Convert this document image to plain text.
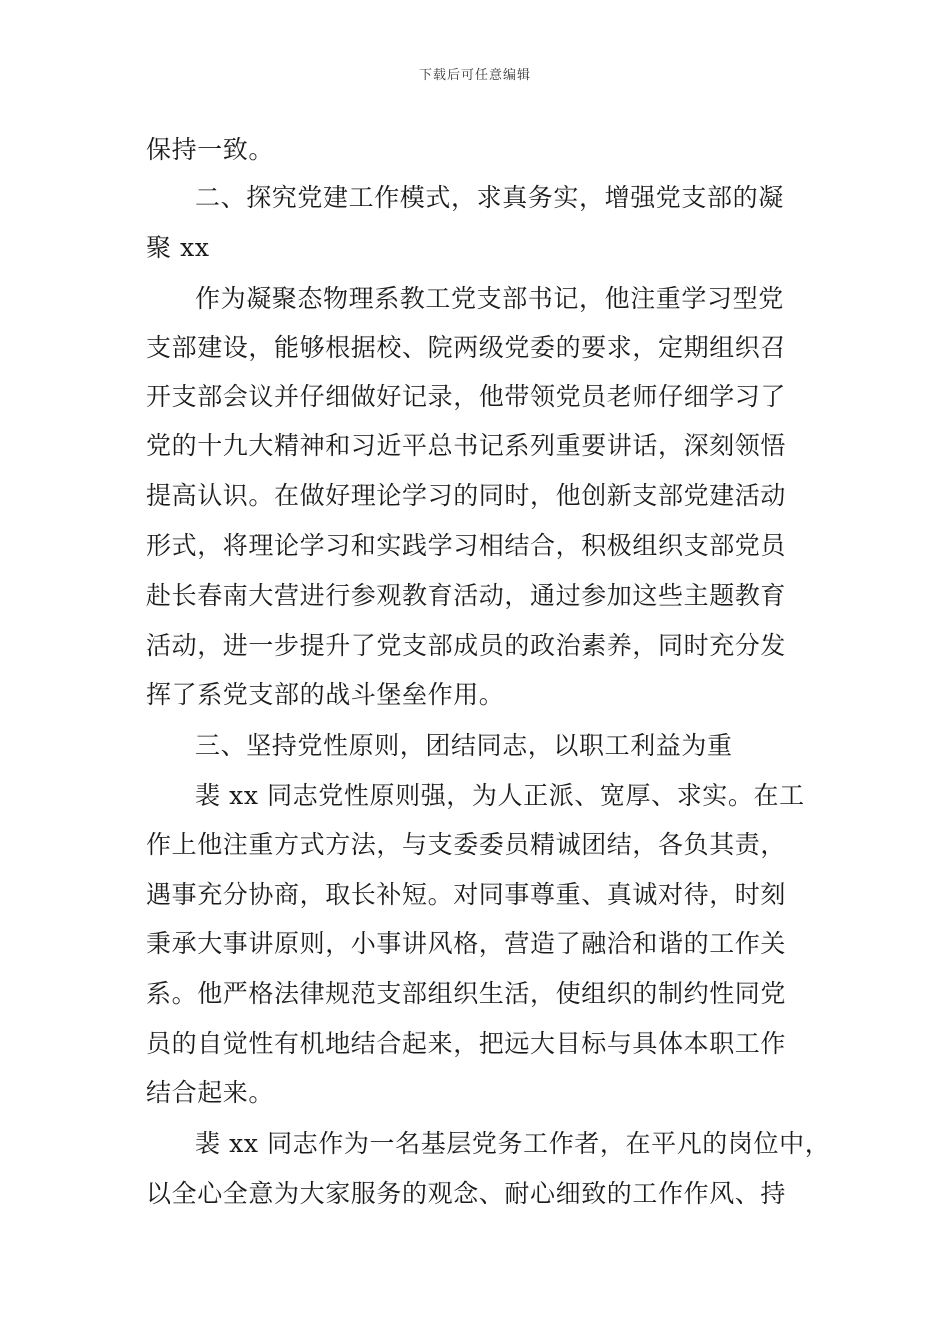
下载后可任意编辑
保持一致。
二、探究党建工作模式，求真务实，增强党支部的凝
聚 xx
作为凝聚态物理系教工党支部书记，他注重学习型党
支部建设，能够根据校、院两级党委的要求，定期组织召
开支部会议并仔细做好记录，他带领党员老师仔细学习了
党的十九大精神和习近平总书记系列重要讲话，深刻领悟
提高认识。在做好理论学习的同时，他创新支部党建活动
形式，将理论学习和实践学习相结合，积极组织支部党员
赴长春南大营进行参观教育活动，通过参加这些主题教育
活动，进一步提升了党支部成员的政治素养，同时充分发
挥了系党支部的战斗堡垒作用。
三、坚持党性原则，团结同志，以职工利益为重
裴 xx 同志党性原则强，为人正派、宽厚、求实。在工
作上他注重方式方法，与支委委员精诚团结，各负其责，
遇事充分协商，取长补短。对同事尊重、真诚对待，时刻
秉承大事讲原则，小事讲风格，营造了融洽和谐的工作关
系。他严格法律规范支部组织生活，使组织的制约性同党
员的自觉性有机地结合起来，把远大目标与具体本职工作
结合起来。
裴 xx 同志作为一名基层党务工作者，在平凡的岗位中，
以全心全意为大家服务的观念、耐心细致的工作作风、持
